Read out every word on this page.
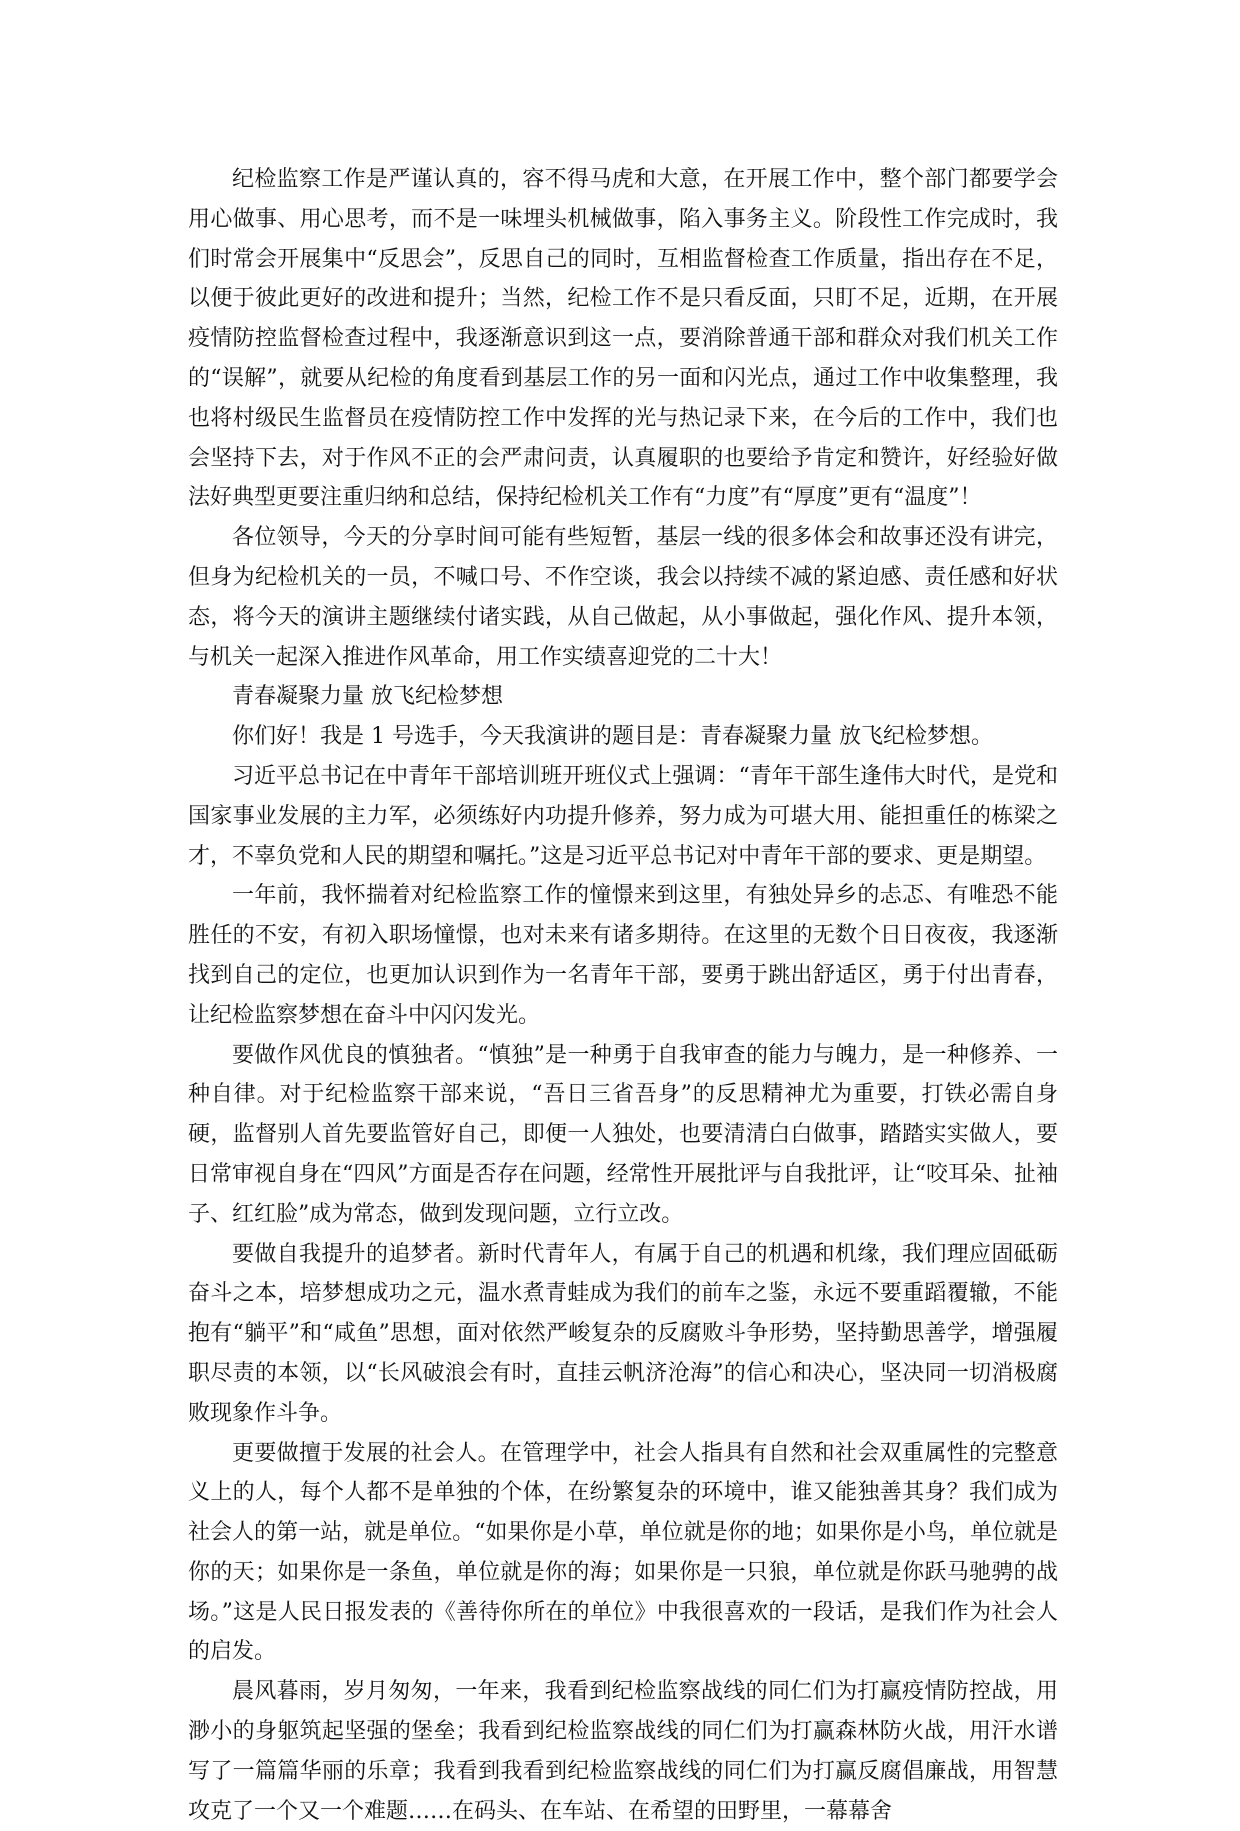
纪检监察工作是严谨认真的，容不得马虎和大意，在开展工作中，整个部门都要学会用心做事、用心思考，而不是一味埋头机械做事，陷入事务主义。阶段性工作完成时，我们时常会开展集中“反思会”，反思自己的同时，互相监督检查工作质量，指出存在不足，以便于彼此更好的改进和提升；当然，纪检工作不是只看反面，只盯不足，近期，在开展疫情防控监督检查过程中，我逐渐意识到这一点，要消除普通干部和群众对我们机关工作的“误解”，就要从纪检的角度看到基层工作的另一面和闪光点，通过工作中收集整理，我也将村级民生监督员在疫情防控工作中发挥的光与热记录下来，在今后的工作中，我们也会坚持下去，对于作风不正的会严肃问责，认真履职的也要给予肯定和赞许，好经验好做法好典型更要注重归纳和总结，保持纪检机关工作有“力度”有“厚度”更有“温度”！

各位领导，今天的分享时间可能有些短暂，基层一线的很多体会和故事还没有讲完，但身为纪检机关的一员，不喊口号、不作空谈，我会以持续不减的紧迫感、责任感和好状态，将今天的演讲主题继续付诸实践，从自己做起，从小事做起，强化作风、提升本领，与机关一起深入推进作风革命，用工作实绩喜迎党的二十大！

青春凝聚力量 放飞纪检梦想

你们好！我是 1 号选手，今天我演讲的题目是：青春凝聚力量 放飞纪检梦想。

习近平总书记在中青年干部培训班开班仪式上强调：“青年干部生逢伟大时代，是党和国家事业发展的主力军，必须练好内功提升修养，努力成为可堪大用、能担重任的栋梁之才，不辜负党和人民的期望和嘱托。”这是习近平总书记对中青年干部的要求、更是期望。

一年前，我怀揣着对纪检监察工作的憧憬来到这里，有独处异乡的忐忑、有唯恐不能胜任的不安，有初入职场憧憬，也对未来有诸多期待。在这里的无数个日日夜夜，我逐渐找到自己的定位，也更加认识到作为一名青年干部，要勇于跳出舒适区，勇于付出青春，让纪检监察梦想在奋斗中闪闪发光。

要做作风优良的慎独者。“慎独”是一种勇于自我审查的能力与魄力，是一种修养、一种自律。对于纪检监察干部来说，“吾日三省吾身”的反思精神尤为重要，打铁必需自身硬，监督别人首先要监管好自己，即便一人独处，也要清清白白做事，踏踏实实做人，要日常审视自身在“四风”方面是否存在问题，经常性开展批评与自我批评，让“咬耳朵、扯袖子、红红脸”成为常态，做到发现问题，立行立改。

要做自我提升的追梦者。新时代青年人，有属于自己的机遇和机缘，我们理应固砥砺奋斗之本，培梦想成功之元，温水煮青蛙成为我们的前车之鉴，永远不要重蹈覆辙，不能抱有“躺平”和“咸鱼”思想，面对依然严峻复杂的反腐败斗争形势，坚持勤思善学，增强履职尽责的本领，以“长风破浪会有时，直挂云帆济沧海”的信心和决心，坚决同一切消极腐败现象作斗争。

更要做擅于发展的社会人。在管理学中，社会人指具有自然和社会双重属性的完整意义上的人，每个人都不是单独的个体，在纷繁复杂的环境中，谁又能独善其身？我们成为社会人的第一站，就是单位。“如果你是小草，单位就是你的地；如果你是小鸟，单位就是你的天；如果你是一条鱼，单位就是你的海；如果你是一只狼，单位就是你跃马驰骋的战场。”这是人民日报发表的《善待你所在的单位》中我很喜欢的一段话，是我们作为社会人的启发。

晨风暮雨，岁月匆匆，一年来，我看到纪检监察战线的同仁们为打赢疫情防控战，用渺小的身躯筑起坚强的堡垒；我看到纪检监察战线的同仁们为打赢森林防火战，用汗水谱写了一篇篇华丽的乐章；我看到我看到纪检监察战线的同仁们为打赢反腐倡廉战，用智慧攻克了一个又一个难题……在码头、在车站、在希望的田野里，一幕幕舍
